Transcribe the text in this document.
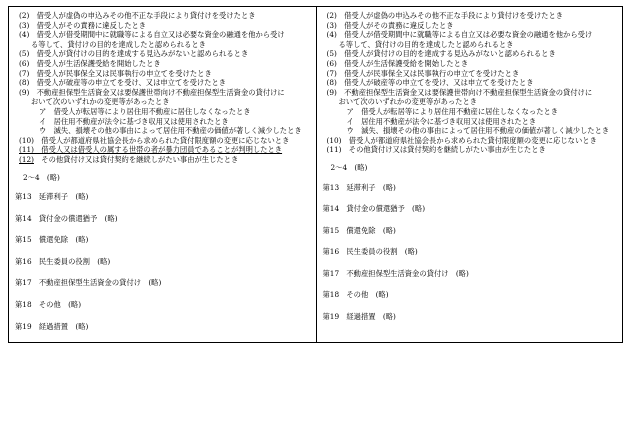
(2)　借受人が虚偽の申込みその他不正な手段により貸付けを受けたとき
(3)　借受人がその責務に違反したとき
(4)　借受人が借受期間中に就職等による自立又は必要な資金の融通を他から受け
る等して、貸付けの目的を達成したと認められるとき
(5)　借受人が貸付けの目的を達成する見込みがないと認められるとき
(6)　借受人が生活保護受給を開始したとき
(7)　借受人が民事保全又は民事執行の申立てを受けたとき
(8)　借受人が破産等の申立てを受け、又は申立てを受けたとき
(9)　不動産担保型生活資金又は要保護世帯向け不動産担保型生活資金の貸付けに
おいて次のいずれかの変更等があったとき
ア　借受人が転居等により居住用不動産に居住しなくなったとき
イ　居住用不動産が法令に基づき収用又は使用されたとき
ウ　滅失、損壊その他の事由によって居住用不動産の価値が著しく減少したとき
(10)　借受人が都道府県社協会長から求められた貸付限度額の変更に応じないとき
(11)　借受人又は借受人の属する世帯の者が暴力団員であることが判明したとき
(12)　その他貸付け又は貸付契約を継続しがたい事由が生じたとき
2～4　(略)
第13　延滞利子　(略)
第14　貸付金の償還猶予　(略)
第15　償還免除　(略)
第16　民生委員の役割　(略)
第17　不動産担保型生活資金の貸付け　(略)
第18　その他　(略)
第19　経過措置　(略)
(2)　借受人が虚偽の申込みその他不正な手段により貸付けを受けたとき
(3)　借受人がその責務に違反したとき
(4)　借受人が借受期間中に就職等による自立又は必要な資金の融通を他から受け
る等して、貸付けの目的を達成したと認められるとき
(5)　借受人が貸付けの目的を達成する見込みがないと認められるとき
(6)　借受人が生活保護受給を開始したとき
(7)　借受人が民事保全又は民事執行の申立てを受けたとき
(8)　借受人が破産等の申立てを受け、又は申立てを受けたとき
(9)　不動産担保型生活資金又は要保護世帯向け不動産担保型生活資金の貸付けに
おいて次のいずれかの変更等があったとき
ア　借受人が転居等により居住用不動産に居住しなくなったとき
イ　居住用不動産が法令に基づき収用又は使用されたとき
ウ　滅失、損壊その他の事由によって居住用不動産の価値が著しく減少したとき
(10)　借受人が都道府県社協会長から求められた貸付限度額の変更に応じないとき
(11)　その他貸付け又は貸付契約を継続しがたい事由が生じたとき
2～4　(略)
第13　延滞利子　(略)
第14　貸付金の償還猶予　(略)
第15　償還免除　(略)
第16　民生委員の役割　(略)
第17　不動産担保型生活資金の貸付け　(略)
第18　その他　(略)
第19　経過措置　(略)
